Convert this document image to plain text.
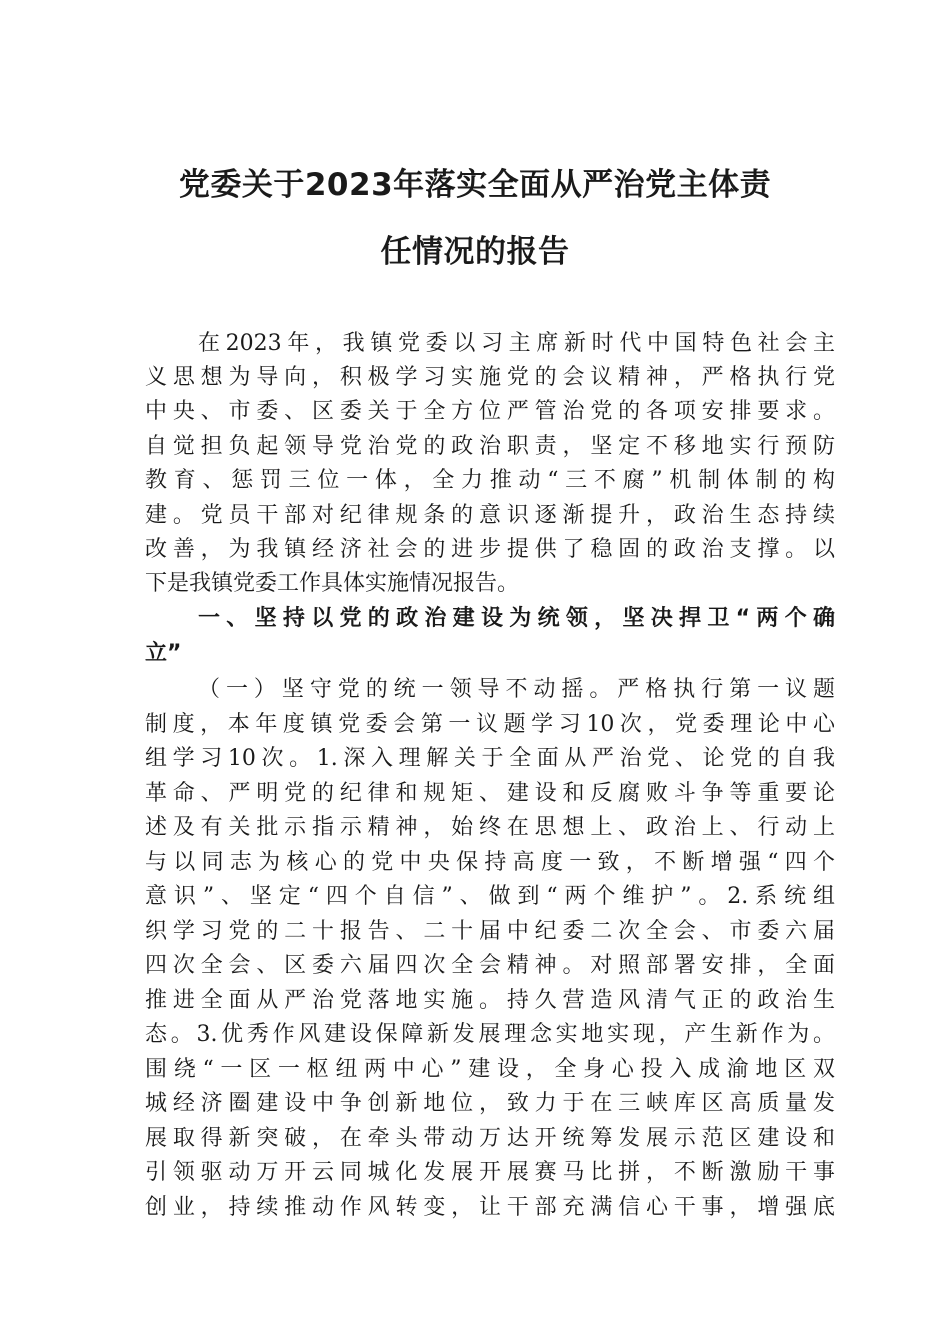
党委关于2023年落实全面从严治党主体责
任情况的报告
在2023年，我镇党委以习主席新时代中国特色社会主
义思想为导向，积极学习实施党的会议精神，严格执行党
中央、市委、区委关于全方位严管治党的各项安排要求。
自觉担负起领导党治党的政治职责，坚定不移地实行预防
教育、惩罚三位一体，全力推动“三不腐”机制体制的构
建。党员干部对纪律规条的意识逐渐提升，政治生态持续
改善，为我镇经济社会的进步提供了稳固的政治支撑。以
下是我镇党委工作具体实施情况报告。
一、坚持以党的政治建设为统领，坚决捍卫“两个确
立”
（一）坚守党的统一领导不动摇。严格执行第一议题
制度，本年度镇党委会第一议题学习10次，党委理论中心
组学习10次。1.深入理解关于全面从严治党、论党的自我
革命、严明党的纪律和规矩、建设和反腐败斗争等重要论
述及有关批示指示精神，始终在思想上、政治上、行动上
与以同志为核心的党中央保持高度一致，不断增强“四个
意识”、坚定“四个自信”、做到“两个维护”。2.系统组
织学习党的二十报告、二十届中纪委二次全会、市委六届
四次全会、区委六届四次全会精神。对照部署安排，全面
推进全面从严治党落地实施。持久营造风清气正的政治生
态。3.优秀作风建设保障新发展理念实地实现，产生新作为。
围绕“一区一枢纽两中心”建设，全身心投入成渝地区双
城经济圈建设中争创新地位，致力于在三峡库区高质量发
展取得新突破，在牵头带动万达开统筹发展示范区建设和
引领驱动万开云同城化发展开展赛马比拼，不断激励干事
创业，持续推动作风转变，让干部充满信心干事，增强底
